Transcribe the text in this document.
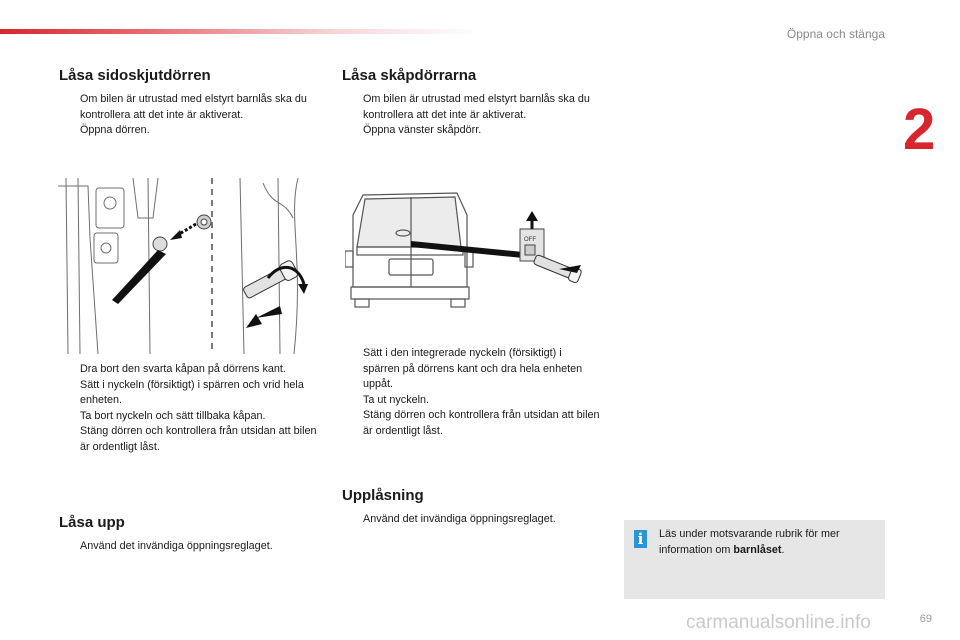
Öppna och stänga
2
Låsa sidoskjutdörren
Om bilen är utrustad med elstyrt barnlås ska du kontrollera att det inte är aktiverat.
Öppna dörren.
Dra bort den svarta kåpan på dörrens kant.
Sätt i nyckeln (försiktigt) i spärren och vrid hela enheten.
Ta bort nyckeln och sätt tillbaka kåpan.
Stäng dörren och kontrollera från utsidan att bilen är ordentligt låst.
Låsa upp
Använd det invändiga öppningsreglaget.
Låsa skåpdörrarna
Om bilen är utrustad med elstyrt barnlås ska du kontrollera att det inte är aktiverat.
Öppna vänster skåpdörr.
OFF
Sätt i den integrerade nyckeln (försiktigt) i spärren på dörrens kant och dra hela enheten uppåt.
Ta ut nyckeln.
Stäng dörren och kontrollera från utsidan att bilen är ordentligt låst.
Upplåsning
Använd det invändiga öppningsreglaget.
i	Läs under motsvarande rubrik för mer information om barnlåset.
carmanualsonline.info	69
